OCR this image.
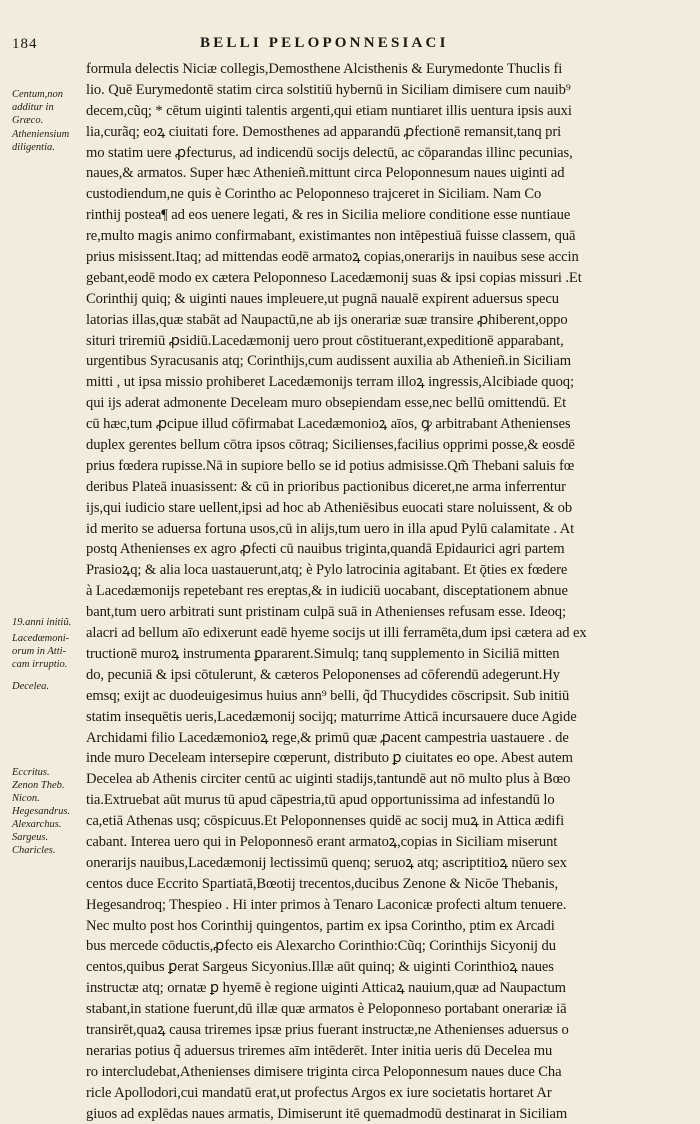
184	BELLI PELOPONNESIACI
Centum,non
additur in
Græco.
Atheniensium
diligentia.
19.anni initiũ.
Lacedæmoni-
orum in Atti-
cam irruptio.
Decelea.
Eccritus.
Zenon Theb.
Nicon.
Hegesandrus.
Alexarchus.
Sargeus.
Charicles.
formula delectis Niciæ collegis,Demosthene Alcisthenis & Eurymedonte Thuclis fi
lio. Quē Eurymedontē statim circa solstitiū hybernū in Siciliam dimisere cum nauib⁹
decem,cũq; * cētum uiginti talentis argenti,qui etiam nuntiaret illis uentura ipsis auxi
lia,curãq; eoꝝ ciuitati fore. Demosthenes ad apparandū ꝓfectionē remansit,tanq pri
mo statim uere ꝓfecturus, ad indicendū socijs delectū, ac cōparandas illinc pecunias,
naues,& armatos. Super hæc Athenieñ.mittunt circa Peloponnesum naues uiginti ad
custodiendum,ne quis è Corintho ac Peloponneso trajceret in Siciliam. Nam Co
rinthij postea¶ ad eos uenere legati, & res in Sicilia meliore conditione esse nuntiaue
re,multo magis animo confirmabant, existimantes non intēpestiuā fuisse classem, quā
prius misissent.Itaq; ad mittendas eodē armatoꝝ copias,onerarijs in nauibus sese accin
gebant,eodē modo ex cætera Peloponneso Lacedæmonij suas & ipsi copias missuri .Et
Corinthij quiq; & uiginti naues impleuere,ut pugnā naualē expirent aduersus specu
latorias illas,quæ stabāt ad Naupactū,ne ab ijs onerariæ suæ transire ꝓhiberent,oppo
situri triremiū ꝓsidiū.Lacedæmonij uero prout cōstituerant,expeditionē apparabant,
urgentibus Syracusanis atq; Corinthijs,cum audissent auxilia ab Athenieñ.in Siciliam
mitti , ut ipsa missio prohiberet Lacedæmonijs terram illoꝝ ingressis,Alcibiade quoq;
qui ijs aderat admonente Deceleam muro obsepiendam esse,nec bellū omittendū. Et
cū hæc,tum ꝓcipue illud cōfirmabat Lacedæmonioꝝ aīos, ꝙ arbitrabant Athenienses
duplex gerentes bellum cōtra ipsos cōtraq; Sicilienses,facilius opprimi posse,& eosdē
prius fœdera rupisse.Nā in supiore bello se id potius admisisse.Qm̃ Thebani saluis fœ
deribus Plateā inuasissent: & cū in prioribus pactionibus diceret,ne arma inferrentur
ijs,qui iudicio stare uellent,ipsi ad hoc ab Atheniēsibus euocati stare noluissent, & ob
id merito se aduersa fortuna usos,cū in alijs,tum uero in illa apud Pylū calamitate . At
postq Athenienses ex agro ꝓfecti cū nauibus triginta,quandā Epidaurici agri partem
Prasioꝝq; & alia loca uastauerunt,atq; è Pylo latrocinia agitabant. Et ǭties ex fœdere
à Lacedæmonijs repetebant res ereptas,& in iudiciū uocabant, disceptationem abnue
bant,tum uero arbitrati sunt pristinam culpā suā in Athenienses refusam esse. Ideoq;
alacri ad bellum aīo edixerunt eadē hyeme socijs ut illi ferramēta,dum ipsi cætera ad ex
tructionē muroꝝ instrumenta ꝑpararent.Simulq; tanq supplemento in Siciliā mitten
do, pecuniā & ipsi cōtulerunt, & cæteros Peloponenses ad cōferendū adegerunt.Hy
emsq; exijt ac duodeuigesimus huius ann⁹ belli, q̃d Thucydides cōscripsit. Sub initiū
statim insequētis ueris,Lacedæmonij socijq; maturrime Atticā incursauere duce Agide
Archidami filio Lacedæmonioꝝ rege,& primū quæ ꝓacent campestria uastauere . de
inde muro Deceleam intersepire cœperunt, distributo ꝑ ciuitates eo ope. Abest autem
Decelea ab Athenis circiter centū ac uiginti stadijs,tantundē aut nō multo plus à Bœo
tia.Extruebat aūt murus tū apud cāpestria,tū apud opportunissima ad infestandū lo
ca,etiā Athenas usq; cōspicuus.Et Peloponnenses quidē ac socij muꝝ in Attica ædifi
cabant. Interea uero qui in Peloponnesō erant armatoꝝ,copias in Siciliam miserunt
onerarijs nauibus,Lacedæmonij lectissimū quenq; seruoꝝ atq; ascriptitioꝝ nūero sex
centos duce Eccrito Spartiatā,Bœotij trecentos,ducibus Zenone & Nicōe Thebanis,
Hegesandroq; Thespieo . Hi inter primos à Tenaro Laconicæ profecti altum tenuere.
Nec multo post hos Corinthij quingentos, partim ex ipsa Corintho, ptim ex Arcadi
bus mercede cōductis,ꝓfecto eis Alexarcho Corinthio:Cũq; Corinthijs Sicyonij du
centos,quibus ꝑerat Sargeus Sicyonius.Illæ aūt quinq; & uiginti Corinthioꝝ naues
instructæ atq; ornatæ ꝑ hyemē è regione uiginti Atticaꝝ nauium,quæ ad Naupactum
stabant,in statione fuerunt,dū illæ quæ armatos è Peloponneso portabant onerariæ iā
transirēt,quaꝝ causa triremes ipsæ prius fuerant instructæ,ne Athenienses aduersus o
nerarias potius q̃ aduersus triremes aīm intēderēt. Inter initia ueris dū Decelea mu
ro intercludebat,Athenienses dimisere triginta circa Peloponnesum naues duce Cha
ricle Apollodori,cui mandatū erat,ut profectus Argos ex iure societatis hortaret Ar
giuos ad explēdas naues armatis, Dimiserunt itē quemadmodū destinarat in Siciliam
